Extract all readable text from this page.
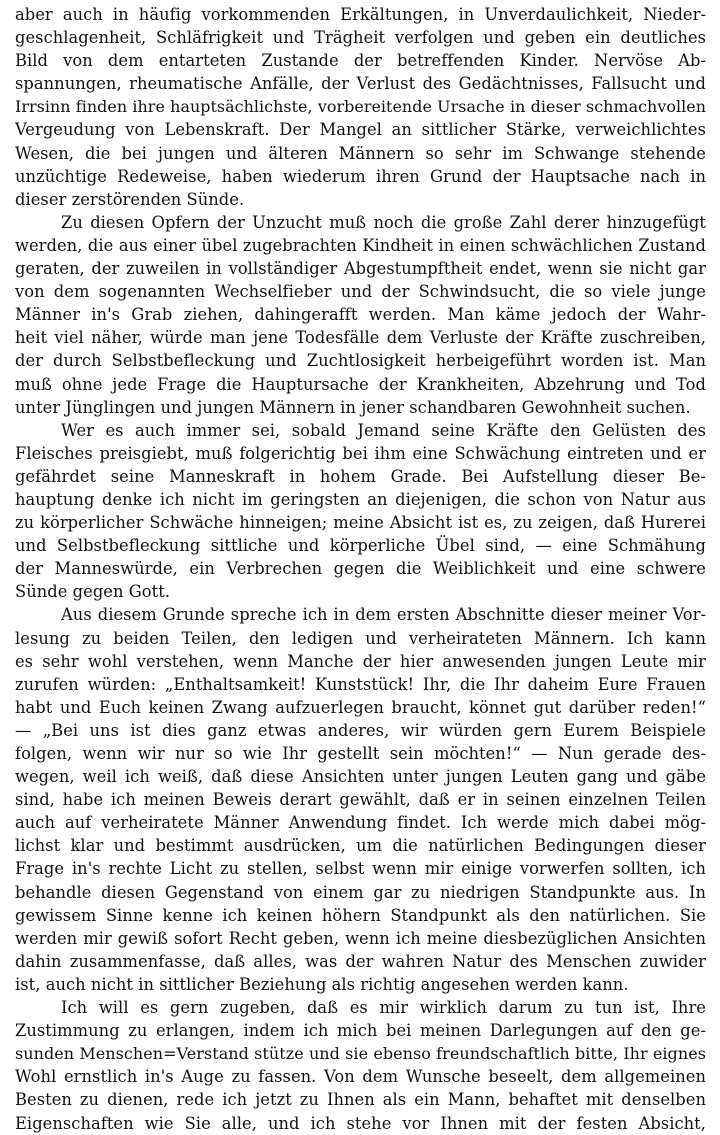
aber auch in häufig vorkommenden Erkältungen, in Unverdaulichkeit, Nieder-
geschlagenheit, Schläfrigkeit und Trägheit verfolgen und geben ein deutliches
Bild von dem entarteten Zustande der betreffenden Kinder. Nervöse Ab-
spannungen, rheumatische Anfälle, der Verlust des Gedächtnisses, Fallsucht und
Irrsinn finden ihre hauptsächlichste, vorbereitende Ursache in dieser schmachvollen
Vergeudung von Lebenskraft. Der Mangel an sittlicher Stärke, verweichlichtes
Wesen, die bei jungen und älteren Männern so sehr im Schwange stehende
unzüchtige Redeweise, haben wiederum ihren Grund der Hauptsache nach in
dieser zerstörenden Sünde.
Zu diesen Opfern der Unzucht muß noch die große Zahl derer hinzugefügt
werden, die aus einer übel zugebrachten Kindheit in einen schwächlichen Zustand
geraten, der zuweilen in vollständiger Abgestumpftheit endet, wenn sie nicht gar
von dem sogenannten Wechselfieber und der Schwindsucht, die so viele junge
Männer in's Grab ziehen, dahingerafft werden. Man käme jedoch der Wahr-
heit viel näher, würde man jene Todesfälle dem Verluste der Kräfte zuschreiben,
der durch Selbstbefleckung und Zuchtlosigkeit herbeigeführt worden ist. Man
muß ohne jede Frage die Hauptursache der Krankheiten, Abzehrung und Tod
unter Jünglingen und jungen Männern in jener schandbaren Gewohnheit suchen.
Wer es auch immer sei, sobald Jemand seine Kräfte den Gelüsten des
Fleisches preisgiebt, muß folgerichtig bei ihm eine Schwächung eintreten und er
gefährdet seine Manneskraft in hohem Grade. Bei Aufstellung dieser Be-
hauptung denke ich nicht im geringsten an diejenigen, die schon von Natur aus
zu körperlicher Schwäche hinneigen; meine Absicht ist es, zu zeigen, daß Hurerei
und Selbstbefleckung sittliche und körperliche Übel sind, — eine Schmähung
der Manneswürde, ein Verbrechen gegen die Weiblichkeit und eine schwere
Sünde gegen Gott.
Aus diesem Grunde spreche ich in dem ersten Abschnitte dieser meiner Vor-
lesung zu beiden Teilen, den ledigen und verheirateten Männern. Ich kann
es sehr wohl verstehen, wenn Manche der hier anwesenden jungen Leute mir
zurufen würden: „Enthaltsamkeit! Kunststück! Ihr, die Ihr daheim Eure Frauen
habt und Euch keinen Zwang aufzuerlegen braucht, könnet gut darüber reden!“
— „Bei uns ist dies ganz etwas anderes, wir würden gern Eurem Beispiele
folgen, wenn wir nur so wie Ihr gestellt sein möchten!“ — Nun gerade des-
wegen, weil ich weiß, daß diese Ansichten unter jungen Leuten gang und gäbe
sind, habe ich meinen Beweis derart gewählt, daß er in seinen einzelnen Teilen
auch auf verheiratete Männer Anwendung findet. Ich werde mich dabei mög-
lichst klar und bestimmt ausdrücken, um die natürlichen Bedingungen dieser
Frage in's rechte Licht zu stellen, selbst wenn mir einige vorwerfen sollten, ich
behandle diesen Gegenstand von einem gar zu niedrigen Standpunkte aus. In
gewissem Sinne kenne ich keinen höhern Standpunkt als den natürlichen. Sie
werden mir gewiß sofort Recht geben, wenn ich meine diesbezüglichen Ansichten
dahin zusammenfasse, daß alles, was der wahren Natur des Menschen zuwider
ist, auch nicht in sittlicher Beziehung als richtig angesehen werden kann.
Ich will es gern zugeben, daß es mir wirklich darum zu tun ist, Ihre
Zustimmung zu erlangen, indem ich mich bei meinen Darlegungen auf den ge-
sunden Menschen=Verstand stütze und sie ebenso freundschaftlich bitte, Ihr eignes
Wohl ernstlich in's Auge zu fassen. Von dem Wunsche beseelt, dem allgemeinen
Besten zu dienen, rede ich jetzt zu Ihnen als ein Mann, behaftet mit denselben
Eigenschaften wie Sie alle, und ich stehe vor Ihnen mit der festen Absicht,
